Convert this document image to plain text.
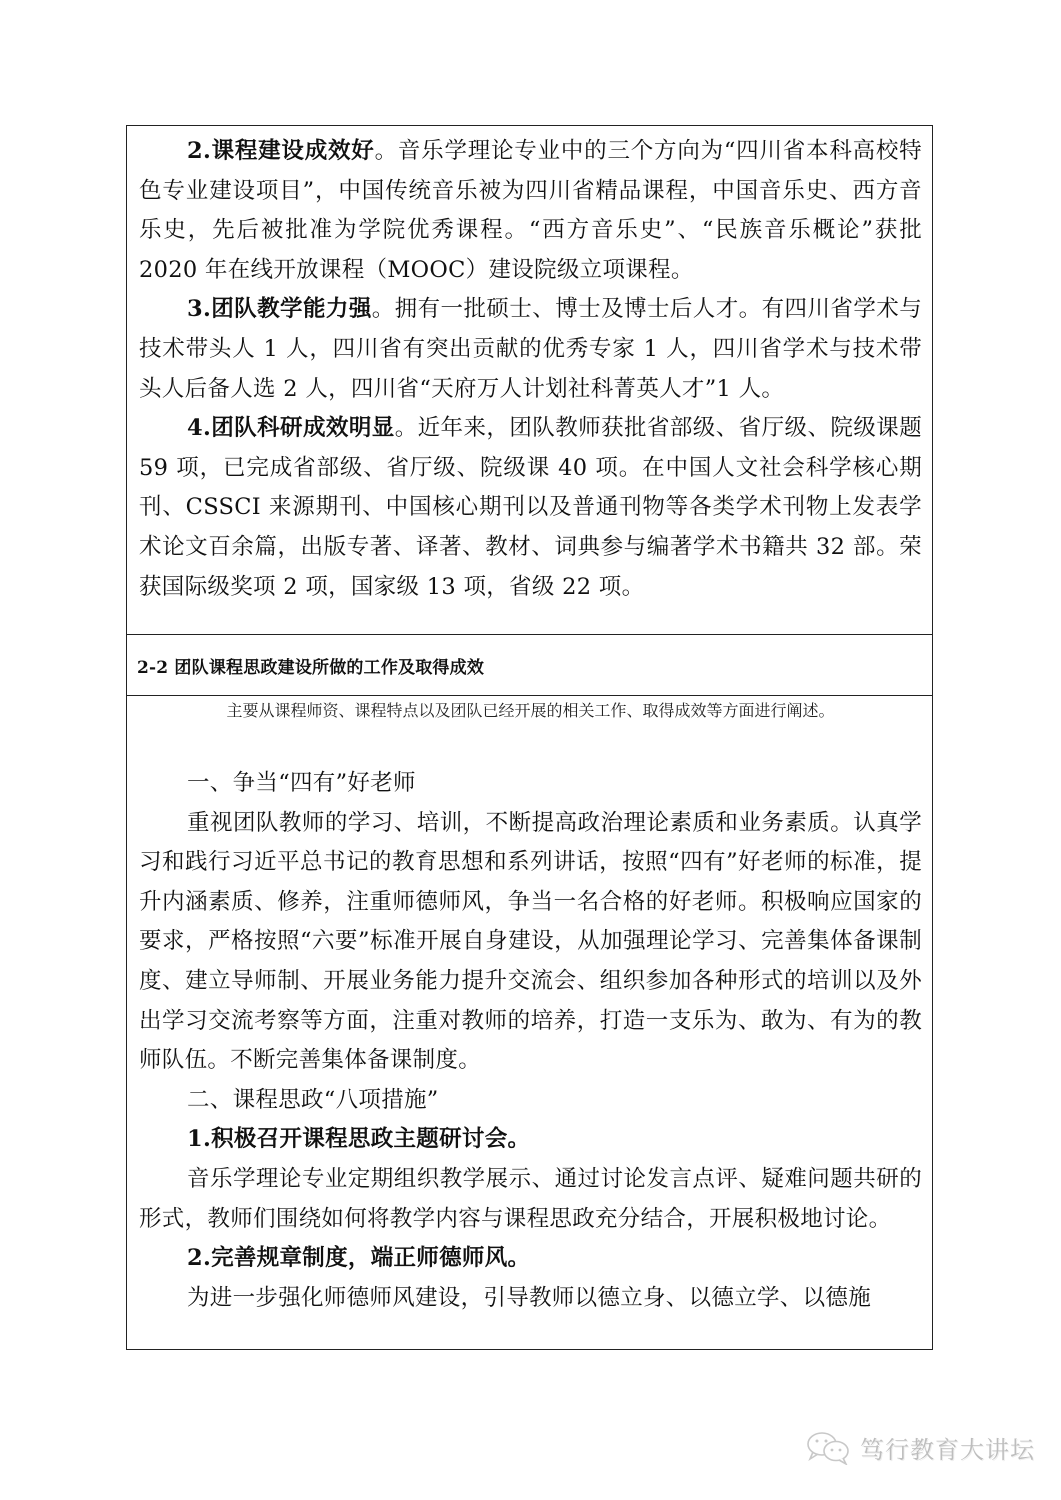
2.课程建设成效好。音乐学理论专业中的三个方向为“四川省本科高校特色专业建设项目”，中国传统音乐被为四川省精品课程，中国音乐史、西方音乐史，先后被批准为学院优秀课程。“西方音乐史”、“民族音乐概论”获批 2020 年在线开放课程（MOOC）建设院级立项课程。

3.团队教学能力强。拥有一批硕士、博士及博士后人才。有四川省学术与技术带头人 1 人，四川省有突出贡献的优秀专家 1 人，四川省学术与技术带头人后备人选 2 人，四川省“天府万人计划社科菁英人才”1 人。

4.团队科研成效明显。近年来，团队教师获批省部级、省厅级、院级课题 59 项，已完成省部级、省厅级、院级课 40 项。在中国人文社会科学核心期刊、CSSCI 来源期刊、中国核心期刊以及普通刊物等各类学术刊物上发表学术论文百余篇，出版专著、译著、教材、词典参与编著学术书籍共 32 部。荣获国际级奖项 2 项，国家级 13 项，省级 22 项。

2-2 团队课程思政建设所做的工作及取得成效
主要从课程师资、课程特点以及团队已经开展的相关工作、取得成效等方面进行阐述。

一、争当“四有”好老师

重视团队教师的学习、培训，不断提高政治理论素质和业务素质。认真学习和践行习近平总书记的教育思想和系列讲话，按照“四有”好老师的标准，提升内涵素质、修养，注重师德师风，争当一名合格的好老师。积极响应国家的要求，严格按照“六要”标准开展自身建设，从加强理论学习、完善集体备课制度、建立导师制、开展业务能力提升交流会、组织参加各种形式的培训以及外出学习交流考察等方面，注重对教师的培养，打造一支乐为、敢为、有为的教师队伍。不断完善集体备课制度。

二、课程思政“八项措施”

1.积极召开课程思政主题研讨会。

音乐学理论专业定期组织教学展示、通过讨论发言点评、疑难问题共研的形式，教师们围绕如何将教学内容与课程思政充分结合，开展积极地讨论。

2.完善规章制度，端正师德师风。

为进一步强化师德师风建设，引导教师以德立身、以德立学、以德施

笃行教育大讲坛
